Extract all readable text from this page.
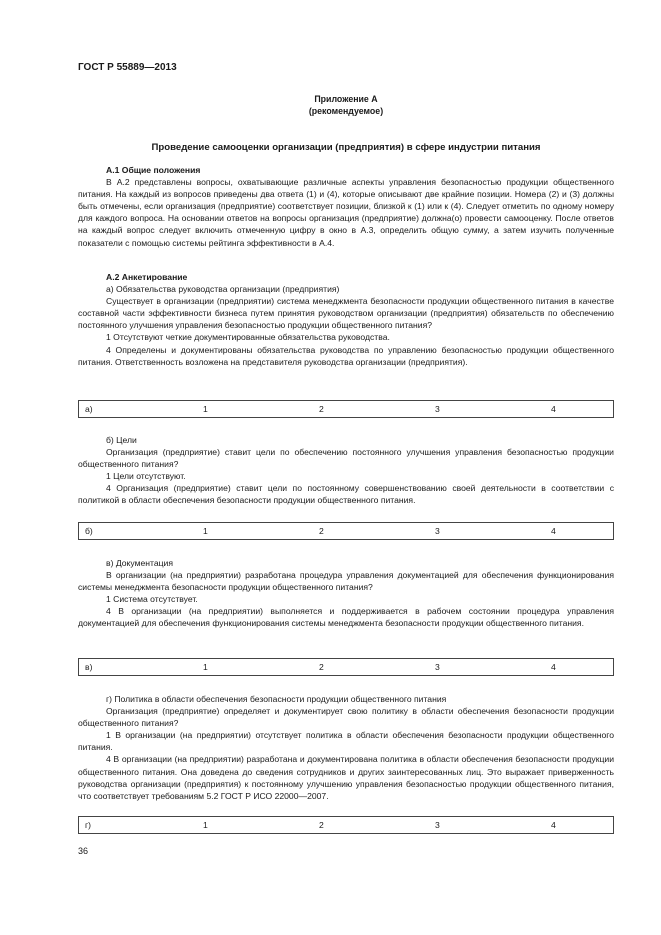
ГОСТ Р 55889—2013
Приложение А
(рекомендуемое)
Проведение самооценки организации (предприятия) в сфере индустрии питания
А.1 Общие положения

В А.2 представлены вопросы, охватывающие различные аспекты управления безопасностью продукции общественного питания. На каждый из вопросов приведены два ответа (1) и (4), которые описывают две крайние позиции. Номера (2) и (3) должны быть отмечены, если организация (предприятие) соответствует позиции, близкой к (1) или к (4). Следует отметить по одному номеру для каждого вопроса. На основании ответов на вопросы организация (предприятие) должна(о) провести самооценку. После ответов на каждый вопрос следует включить отмеченную цифру в окно в А.3, определить общую сумму, а затем изучить полученные показатели с помощью системы рейтинга эффективности в А.4.

А.2 Анкетирование

а) Обязательства руководства организации (предприятия)

Существует в организации (предприятии) система менеджмента безопасности продукции общественного питания в качестве составной части эффективности бизнеса путем принятия руководством организации (предприятия) обязательств по обеспечению постоянного улучшения управления безопасностью продукции общественного питания?

1 Отсутствуют четкие документированные обязательства руководства.

4 Определены и документированы обязательства руководства по управлению безопасностью продукции общественного питания. Ответственность возложена на представителя руководства организации (предприятия).

а)	1	2	3	4

б) Цели

Организация (предприятие) ставит цели по обеспечению постоянного улучшения управления безопасностью продукции общественного питания?

1 Цели отсутствуют.

4 Организация (предприятие) ставит цели по постоянному совершенствованию своей деятельности в соответствии с политикой в области обеспечения безопасности продукции общественного питания.

б)	1	2	3	4

в) Документация

В организации (на предприятии) разработана процедура управления документацией для обеспечения функционирования системы менеджмента безопасности продукции общественного питания?

1 Система отсутствует.

4 В организации (на предприятии) выполняется и поддерживается в рабочем состоянии процедура управления документацией для обеспечения функционирования системы менеджмента безопасности продукции общественного питания.

в)	1	2	3	4

г) Политика в области обеспечения безопасности продукции общественного питания

Организация (предприятие) определяет и документирует свою политику в области обеспечения безопасности продукции общественного питания?

1 В организации (на предприятии) отсутствует политика в области обеспечения безопасности продукции общественного питания.

4 В организации (на предприятии) разработана и документирована политика в области обеспечения безопасности продукции общественного питания. Она доведена до сведения сотрудников и других заинтересованных лиц. Это выражает приверженность руководства организации (предприятия) к постоянному улучшению управления безопасностью продукции общественного питания, что соответствует требованиям 5.2 ГОСТ Р ИСО 22000—2007.

г)	1	2	3	4
36
